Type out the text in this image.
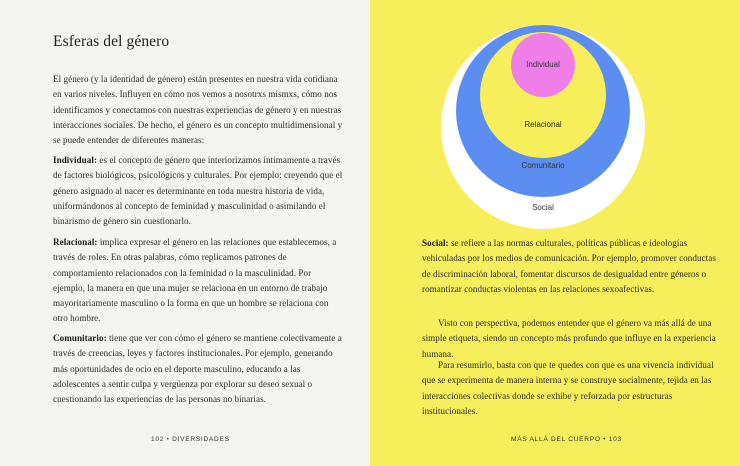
Esferas del género

El género (y la identidad de género) están presentes en nuestra vida cotidiana en varios niveles. Influyen en cómo nos vemos a nosotrxs mismxs, cómo nos identificamos y conectamos con nuestras experiencias de género y en nuestras interacciones sociales. De hecho, el género es un concepto multidimensional y se puede entender de diferentes maneras:

Individual: es el concepto de género que interiorizamos íntimamente a través de factores biológicos, psicológicos y culturales. Por ejemplo: creyendo que el género asignado al nacer es determinante en toda nuestra historia de vida, uniformándonos al concepto de feminidad y masculinidad o asimilando el binarismo de género sin cuestionarlo.

Relacional: implica expresar el género en las relaciones que establecemos, a través de roles. En otras palabras, cómo replicamos patrones de comportamiento relacionados con la feminidad o la masculinidad. Por ejemplo, la manera en que una mujer se relaciona en un entorno de trabajo mayoritariamente masculino o la forma en que un hombre se relaciona con otro hombre.

Comunitario: tiene que ver con cómo el género se mantiene colectivamente a través de creencias, leyes y factores institucionales. Por ejemplo, generando más oportunidades de ocio en el deporte masculino, educando a las adolescentes a sentir culpa y vergüenza por explorar su deseo sexual o cuestionando las experiencias de las personas no binarias.

102 • DIVERSIDADES
Individual
Relacional
Comunitario
Social

Social: se refiere a las normas culturales, políticas públicas e ideologías vehiculadas por los medios de comunicación. Por ejemplo, promover conductas de discriminación laboral, fomentar discursos de desigualdad entre géneros o romantizar conductas violentas en las relaciones sexoafectivas.

Visto con perspectiva, podemos entender que el género va más allá de una simple etiqueta, siendo un concepto más profundo que influye en la experiencia humana.

Para resumirlo, basta con que te quedes con que es una vivencia individual que se experimenta de manera interna y se construye socialmente, tejida en las interacciones colectivas donde se exhibe y reforzada por estructuras institucionales.

MÁS ALLÁ DEL CUERPO • 103
